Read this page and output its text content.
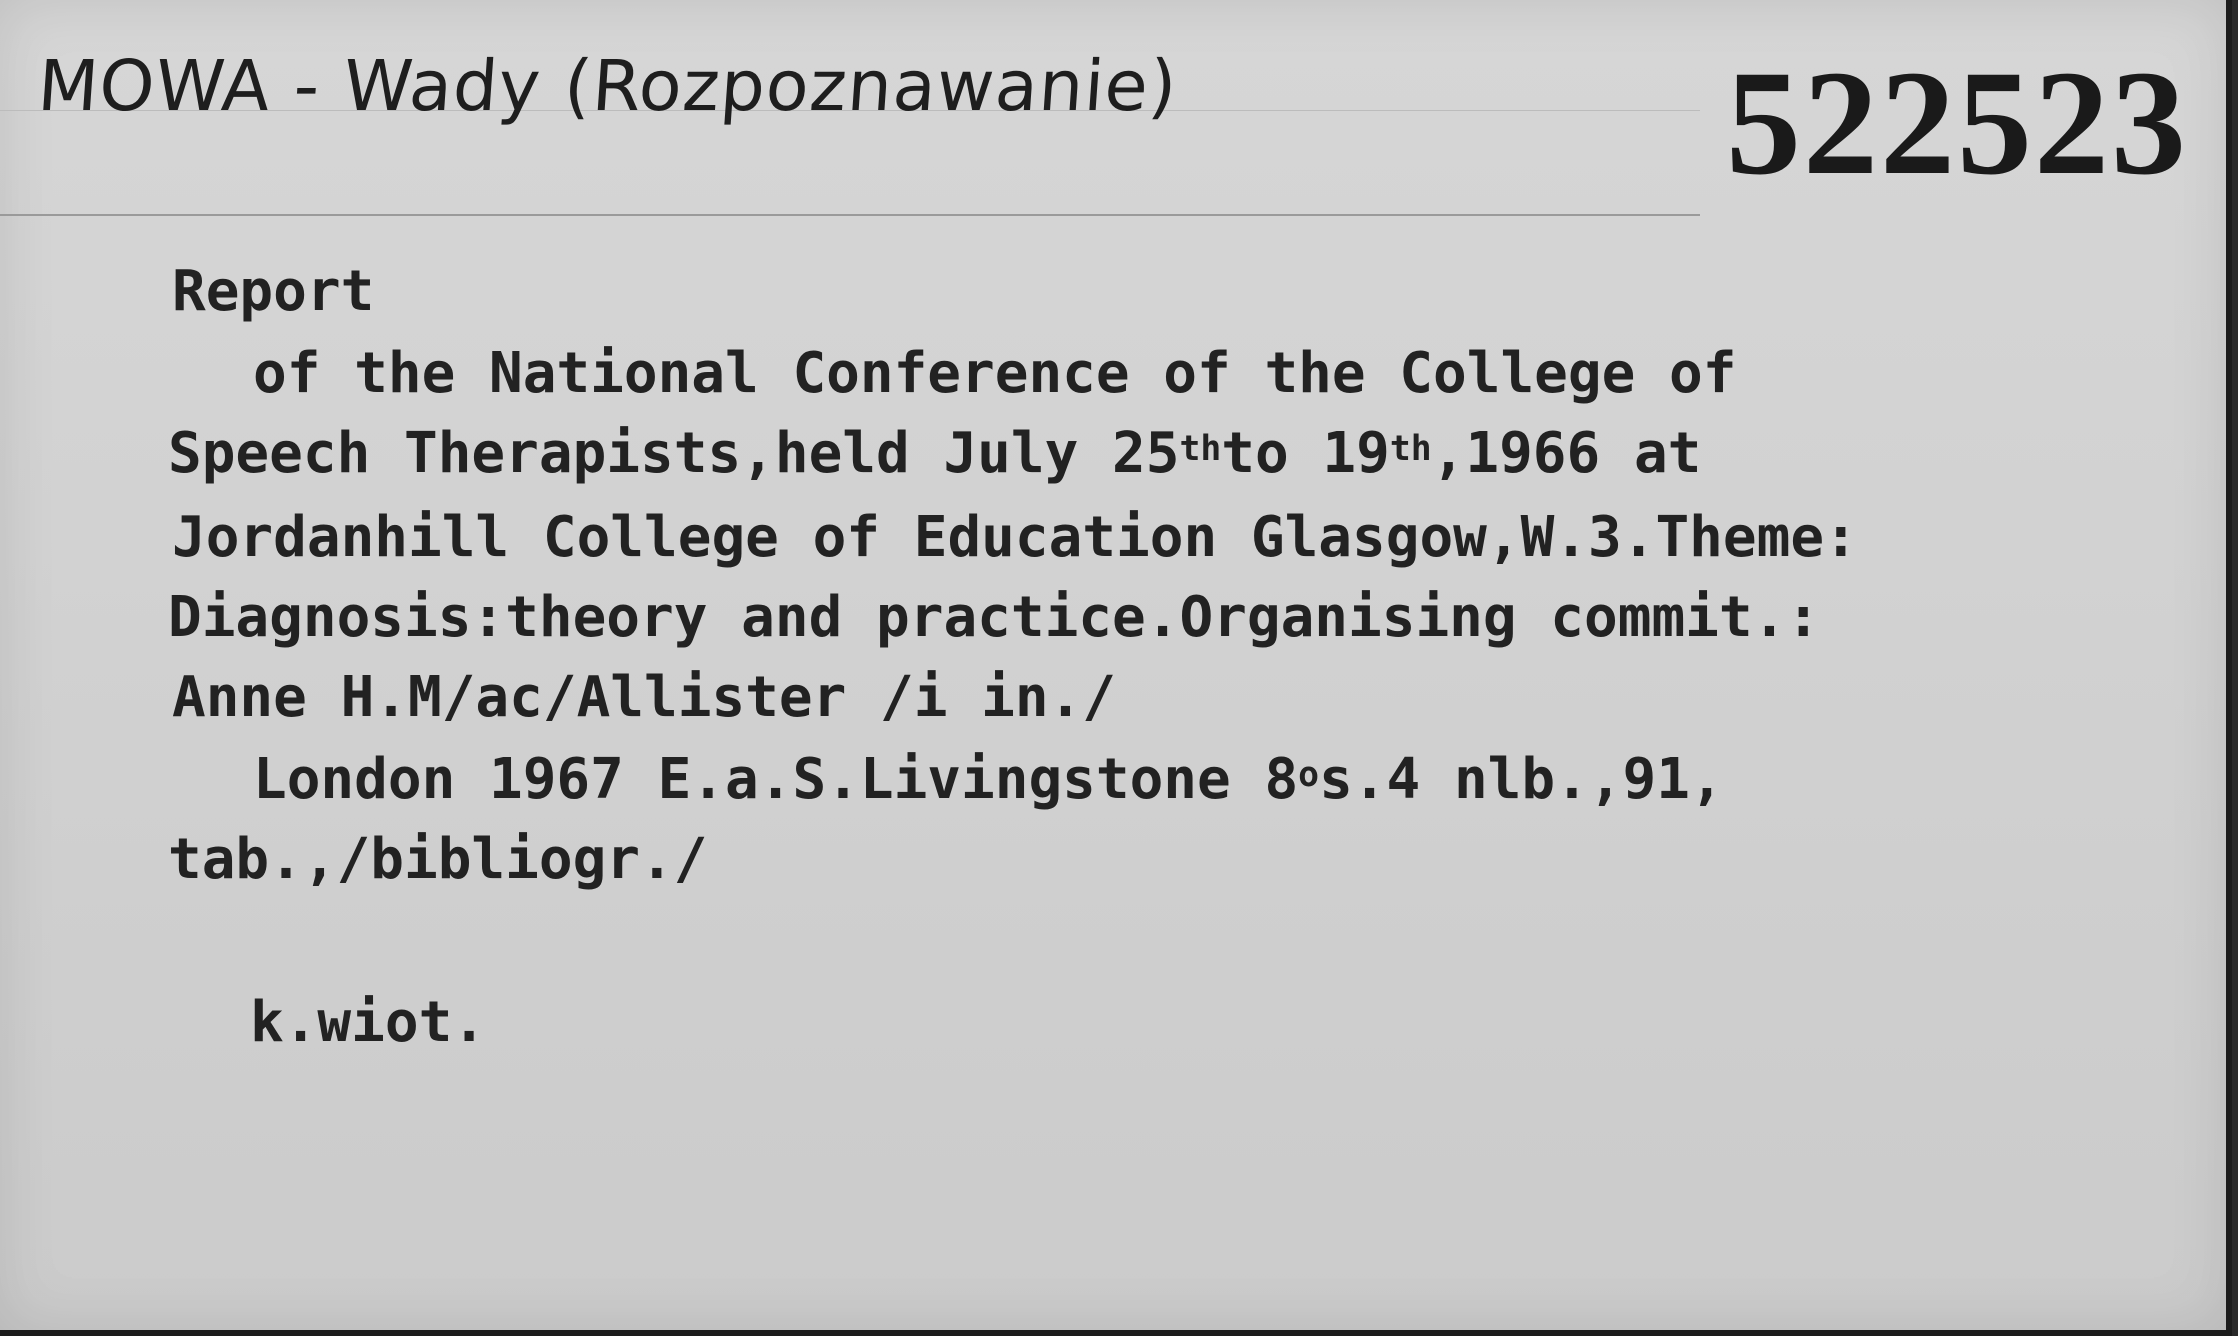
MOWA - Wady (Rozpoznawanie)	522523
Report
of the National Conference of the College of
Speech Therapists,held July 25thto 19th,1966 at
Jordanhill College of Education Glasgow,W.3.Theme:
Diagnosis:theory and practice.Organising commit.:
Anne H.M/ac/Allister /i in./
London 1967 E.a.S.Livingstone 8$^o$s.4 nlb.,91,
tab.,/bibliogr./
k.wiot.
